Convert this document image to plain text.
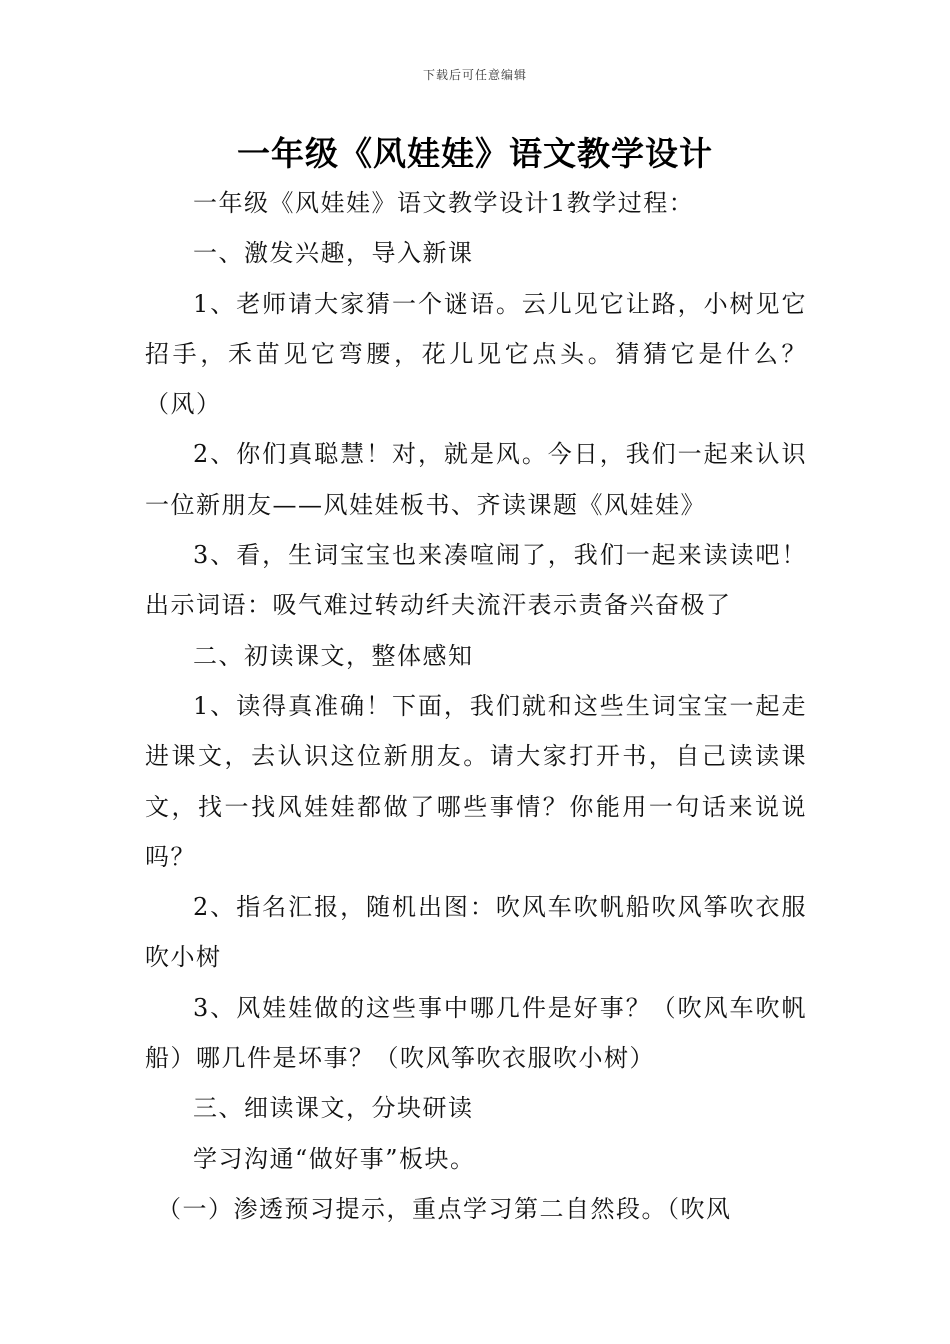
下载后可任意编辑
一年级《风娃娃》语文教学设计

一年级《风娃娃》语文教学设计1教学过程：

一、激发兴趣，导入新课

1、老师请大家猜一个谜语。云儿见它让路，小树见它招手，禾苗见它弯腰，花儿见它点头。猜猜它是什么？（风）

2、你们真聪慧！对，就是风。今日，我们一起来认识一位新朋友——风娃娃板书、齐读课题《风娃娃》

3、看，生词宝宝也来凑喧闹了，我们一起来读读吧！出示词语：吸气难过转动纤夫流汗表示责备兴奋极了

二、初读课文，整体感知

1、读得真准确！下面，我们就和这些生词宝宝一起走进课文，去认识这位新朋友。请大家打开书，自己读读课文，找一找风娃娃都做了哪些事情？你能用一句话来说说吗？

2、指名汇报，随机出图：吹风车吹帆船吹风筝吹衣服吹小树

3、风娃娃做的这些事中哪几件是好事？（吹风车吹帆船）哪几件是坏事？（吹风筝吹衣服吹小树）

三、细读课文，分块研读

学习沟通“做好事”板块。

（一）渗透预习提示，重点学习第二自然段。（吹风
